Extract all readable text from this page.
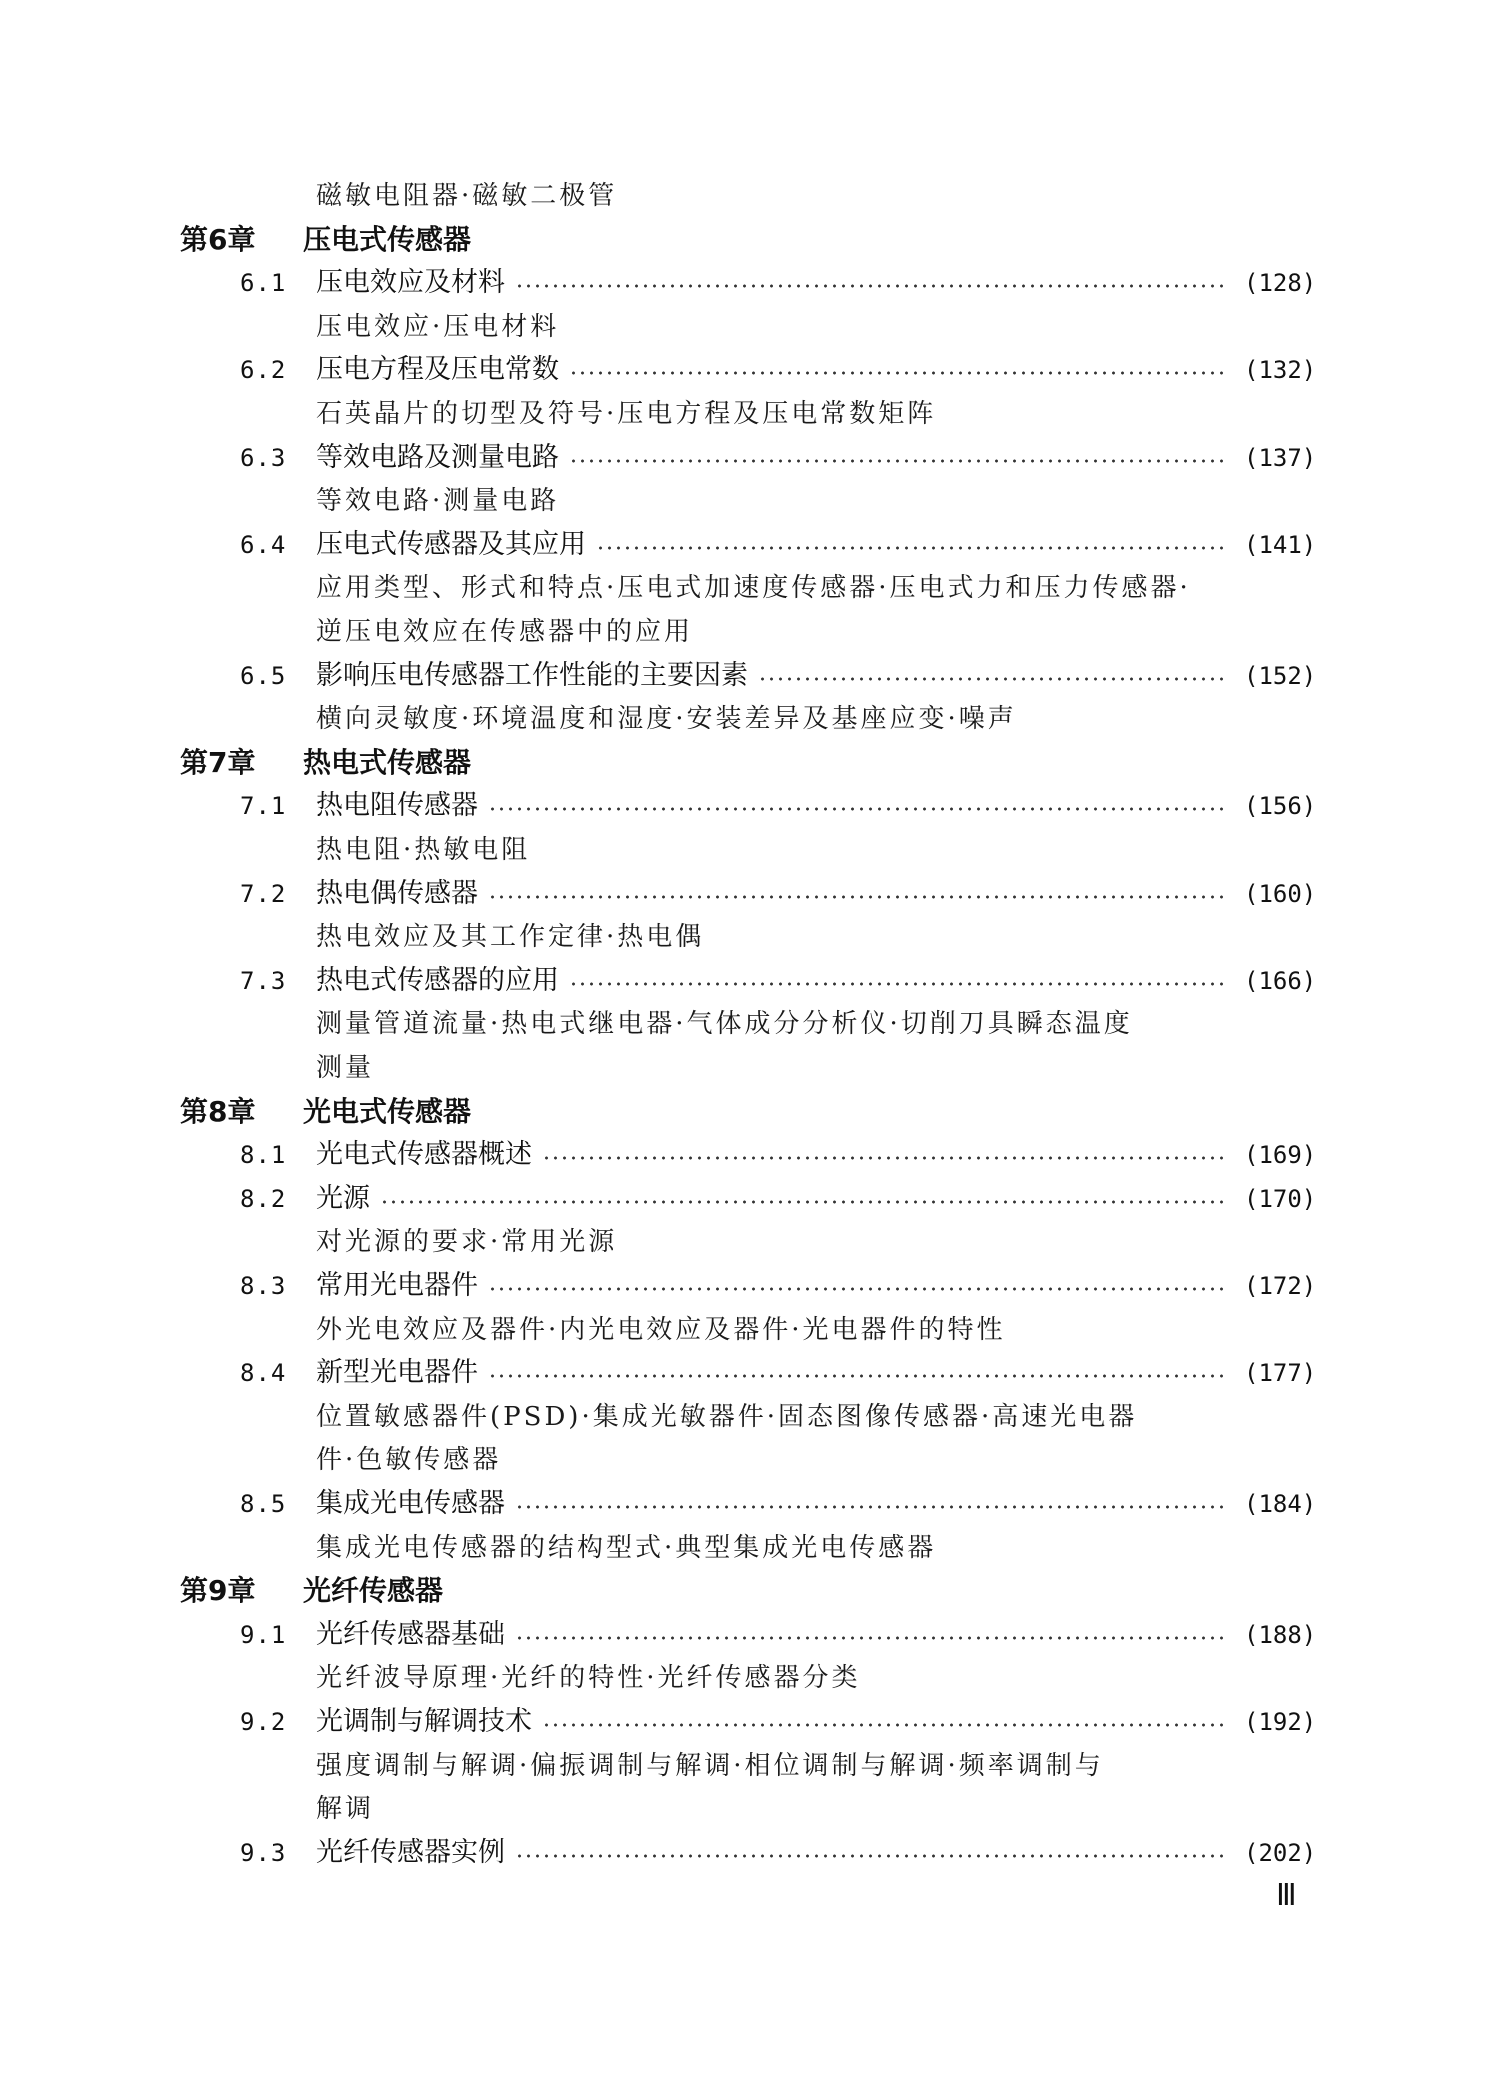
磁敏电阻器·磁敏二极管
第6章 压电式传感器
6.1 压电效应及材料	(128)
压电效应·压电材料
6.2 压电方程及压电常数	(132)
石英晶片的切型及符号·压电方程及压电常数矩阵
6.3 等效电路及测量电路	(137)
等效电路·测量电路
6.4 压电式传感器及其应用	(141)
应用类型、形式和特点·压电式加速度传感器·压电式力和压力传感器·
逆压电效应在传感器中的应用
6.5 影响压电传感器工作性能的主要因素	(152)
横向灵敏度·环境温度和湿度·安装差异及基座应变·噪声
第7章 热电式传感器
7.1 热电阻传感器	(156)
热电阻·热敏电阻
7.2 热电偶传感器	(160)
热电效应及其工作定律·热电偶
7.3 热电式传感器的应用	(166)
测量管道流量·热电式继电器·气体成分分析仪·切削刀具瞬态温度
测量
第8章 光电式传感器
8.1 光电式传感器概述	(169)
8.2 光源	(170)
对光源的要求·常用光源
8.3 常用光电器件	(172)
外光电效应及器件·内光电效应及器件·光电器件的特性
8.4 新型光电器件	(177)
位置敏感器件(PSD)·集成光敏器件·固态图像传感器·高速光电器
件·色敏传感器
8.5 集成光电传感器	(184)
集成光电传感器的结构型式·典型集成光电传感器
第9章 光纤传感器
9.1 光纤传感器基础	(188)
光纤波导原理·光纤的特性·光纤传感器分类
9.2 光调制与解调技术	(192)
强度调制与解调·偏振调制与解调·相位调制与解调·频率调制与
解调
9.3 光纤传感器实例	(202)
Ⅲ
